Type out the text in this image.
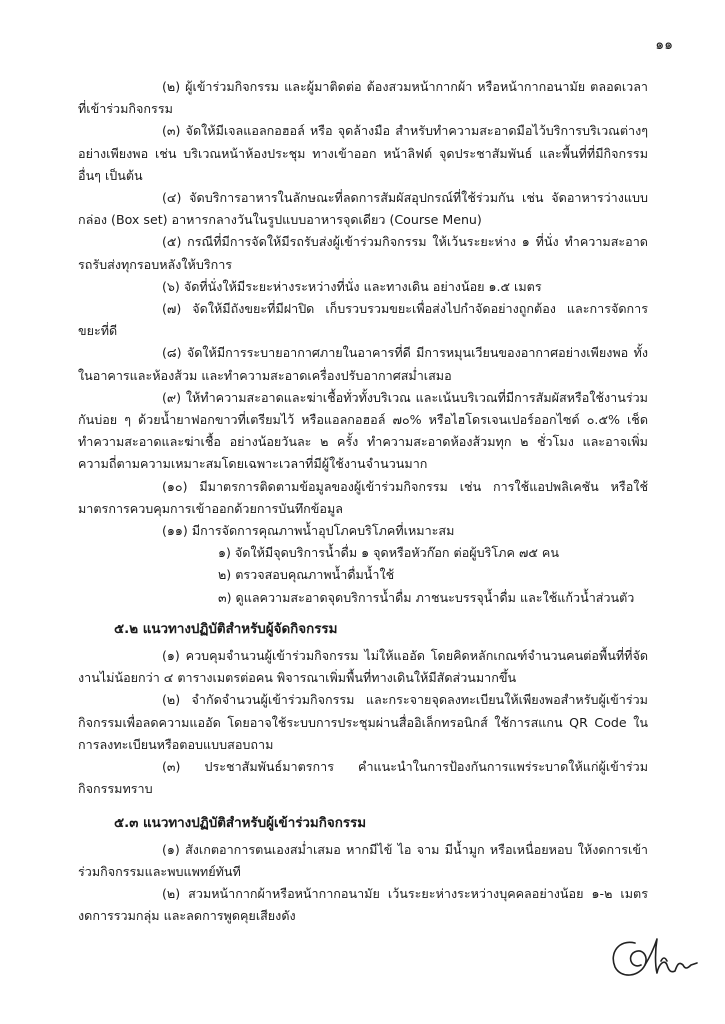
๑๑

(๒) ผู้เข้าร่วมกิจกรรม และผู้มาติดต่อ ต้องสวมหน้ากากผ้า หรือหน้ากากอนามัย ตลอดเวลาที่เข้าร่วมกิจกรรม

(๓) จัดให้มีเจลแอลกอฮอล์ หรือ จุดล้างมือ สำหรับทำความสะอาดมือไว้บริการบริเวณต่างๆ อย่างเพียงพอ เช่น บริเวณหน้าห้องประชุม ทางเข้าออก หน้าลิฟต์ จุดประชาสัมพันธ์ และพื้นที่ที่มีกิจกรรมอื่นๆ เป็นต้น

(๔) จัดบริการอาหารในลักษณะที่ลดการสัมผัสอุปกรณ์ที่ใช้ร่วมกัน เช่น จัดอาหารว่างแบบกล่อง (Box set) อาหารกลางวันในรูปแบบอาหารจุดเดียว (Course Menu)

(๕) กรณีที่มีการจัดให้มีรถรับส่งผู้เข้าร่วมกิจกรรม ให้เว้นระยะห่าง ๑ ที่นั่ง ทำความสะอาดรถรับส่งทุกรอบหลังให้บริการ

(๖) จัดที่นั่งให้มีระยะห่างระหว่างที่นั่ง และทางเดิน อย่างน้อย ๑.๕ เมตร

(๗) จัดให้มีถังขยะที่มีฝาปิด เก็บรวบรวมขยะเพื่อส่งไปกำจัดอย่างถูกต้อง และการจัดการขยะที่ดี

(๘) จัดให้มีการระบายอากาศภายในอาคารที่ดี มีการหมุนเวียนของอากาศอย่างเพียงพอ ทั้งในอาคารและห้องส้วม และทำความสะอาดเครื่องปรับอากาศสม่ำเสมอ

(๙) ให้ทำความสะอาดและฆ่าเชื้อทั่วทั้งบริเวณ และเน้นบริเวณที่มีการสัมผัสหรือใช้งานร่วมกันบ่อย ๆ ด้วยน้ำยาฟอกขาวที่เตรียมไว้ หรือแอลกอฮอล์ ๗๐% หรือไฮโดรเจนเปอร์ออกไซด์ ๐.๕% เช็ดทำความสะอาดและฆ่าเชื้อ อย่างน้อยวันละ ๒ ครั้ง ทำความสะอาดห้องส้วมทุก ๒ ชั่วโมง และอาจเพิ่มความถี่ตามความเหมาะสมโดยเฉพาะเวลาที่มีผู้ใช้งานจำนวนมาก

(๑๐) มีมาตรการติดตามข้อมูลของผู้เข้าร่วมกิจกรรม เช่น การใช้แอปพลิเคชัน หรือใช้มาตรการควบคุมการเข้าออกด้วยการบันทึกข้อมูล

(๑๑) มีการจัดการคุณภาพน้ำอุปโภคบริโภคที่เหมาะสม

๑) จัดให้มีจุดบริการน้ำดื่ม ๑ จุดหรือหัวก๊อก ต่อผู้บริโภค ๗๕ คน

๒) ตรวจสอบคุณภาพน้ำดื่มน้ำใช้

๓) ดูแลความสะอาดจุดบริการน้ำดื่ม ภาชนะบรรจุน้ำดื่ม และใช้แก้วน้ำส่วนตัว

๕.๒ แนวทางปฏิบัติสำหรับผู้จัดกิจกรรม

(๑) ควบคุมจำนวนผู้เข้าร่วมกิจกรรม ไม่ให้แออัด โดยคิดหลักเกณฑ์จำนวนคนต่อพื้นที่ที่จัดงานไม่น้อยกว่า ๔ ตารางเมตรต่อคน พิจารณาเพิ่มพื้นที่ทางเดินให้มีสัดส่วนมากขึ้น

(๒) จำกัดจำนวนผู้เข้าร่วมกิจกรรม และกระจายจุดลงทะเบียนให้เพียงพอสำหรับผู้เข้าร่วมกิจกรรมเพื่อลดความแออัด โดยอาจใช้ระบบการประชุมผ่านสื่ออิเล็กทรอนิกส์ ใช้การสแกน QR Code ในการลงทะเบียนหรือตอบแบบสอบถาม

(๓) ประชาสัมพันธ์มาตรการ คำแนะนำในการป้องกันการแพร่ระบาดให้แก่ผู้เข้าร่วมกิจกรรมทราบ

๕.๓ แนวทางปฏิบัติสำหรับผู้เข้าร่วมกิจกรรม

(๑) สังเกตอาการตนเองสม่ำเสมอ หากมีไข้ ไอ จาม มีน้ำมูก หรือเหนื่อยหอบ ให้งดการเข้าร่วมกิจกรรมและพบแพทย์ทันที

(๒) สวมหน้ากากผ้าหรือหน้ากากอนามัย เว้นระยะห่างระหว่างบุคคลอย่างน้อย ๑-๒ เมตร งดการรวมกลุ่ม และลดการพูดคุยเสียงดัง
